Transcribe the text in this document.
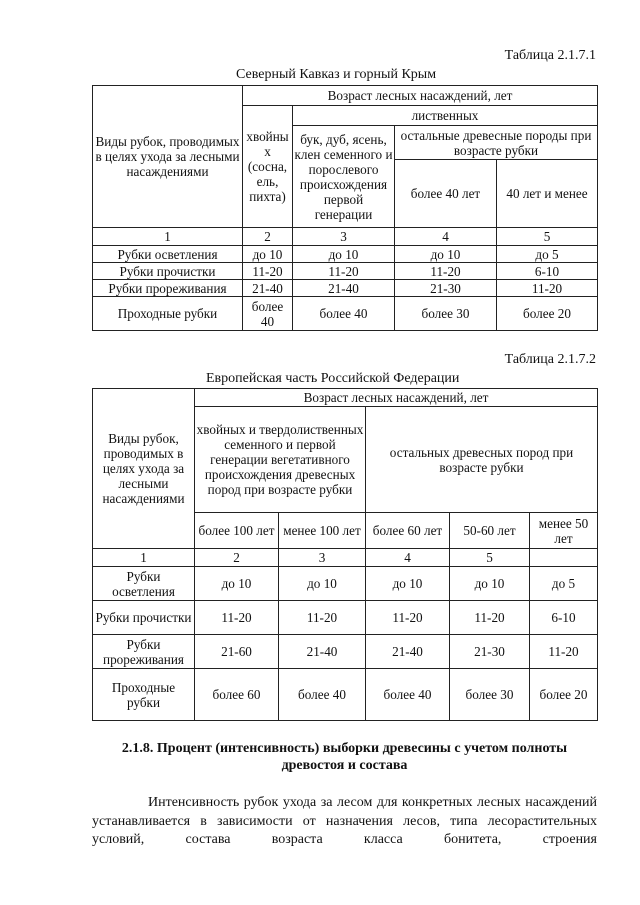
Таблица 2.1.7.1
Северный Кавказ и горный Крым
Виды рубок, проводимых в целях ухода за лесными насаждениями	Возраст лесных насаждений, лет			
	хвойны х (сосна, ель, пихта)	лиственных		
		бук, дуб, ясень, клен семенного и порослевого происхождения первой генерации	остальные древесные породы при возрасте рубки	
			более 40 лет	40 лет и менее
1	2	3	4	5
Рубки осветления	до 10	до 10	до 10	до 5
Рубки прочистки	11-20	11-20	11-20	6-10
Рубки прореживания	21-40	21-40	21-30	11-20
Проходные рубки	более 40	более 40	более 30	более 20
Таблица 2.1.7.2
Европейская часть Российской Федерации
Виды рубок, проводимых в целях ухода за лесными насаждениями	Возраст лесных насаждений, лет				
	хвойных и твердолиственных семенного и первой генерации вегетативного происхождения древесных пород при возрасте рубки		остальных древесных пород при возрасте рубки		
	более 100 лет	менее 100 лет	более 60 лет	50-60 лет	менее 50 лет
1	2	3	4	5	
Рубки осветления	до 10	до 10	до 10	до 10	до 5
Рубки прочистки	11-20	11-20	11-20	11-20	6-10
Рубки прореживания	21-60	21-40	21-40	21-30	11-20
Проходные рубки	более 60	более 40	более 40	более 30	более 20
2.1.8. Процент (интенсивность) выборки древесины с учетом полноты древостоя и состава

Интенсивность рубок ухода за лесом для конкретных лесных насаждений устанавливается в зависимости от назначения лесов, типа лесорастительных условий, состава возраста класса бонитета, строения
